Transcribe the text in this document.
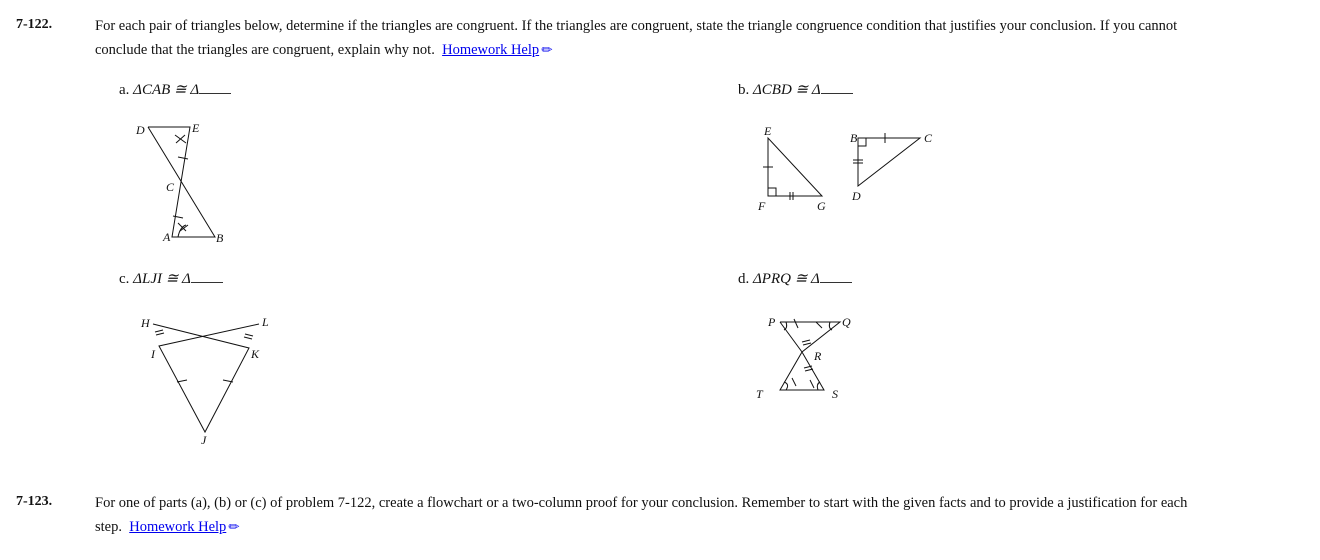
7-122.	For each pair of triangles below, determine if the triangles are congruent. If the triangles are congruent, state the triangle congruence condition that justifies your conclusion. If you cannot
conclude that the triangles are congruent, explain why not. Homework Help✎
a. ΔCAB ≅ Δ	b. ΔCBD ≅ Δ
c. ΔLJI ≅ Δ	d. ΔPRQ ≅ Δ
D	E
C
A	B
E
F	G
B	C
D
H	L
I	K
J
P	Q
R
T	S
7-123.	For one of parts (a), (b) or (c) of problem 7-122, create a flowchart or a two-column proof for your conclusion. Remember to start with the given facts and to provide a justification for each
step. Homework Help✎
